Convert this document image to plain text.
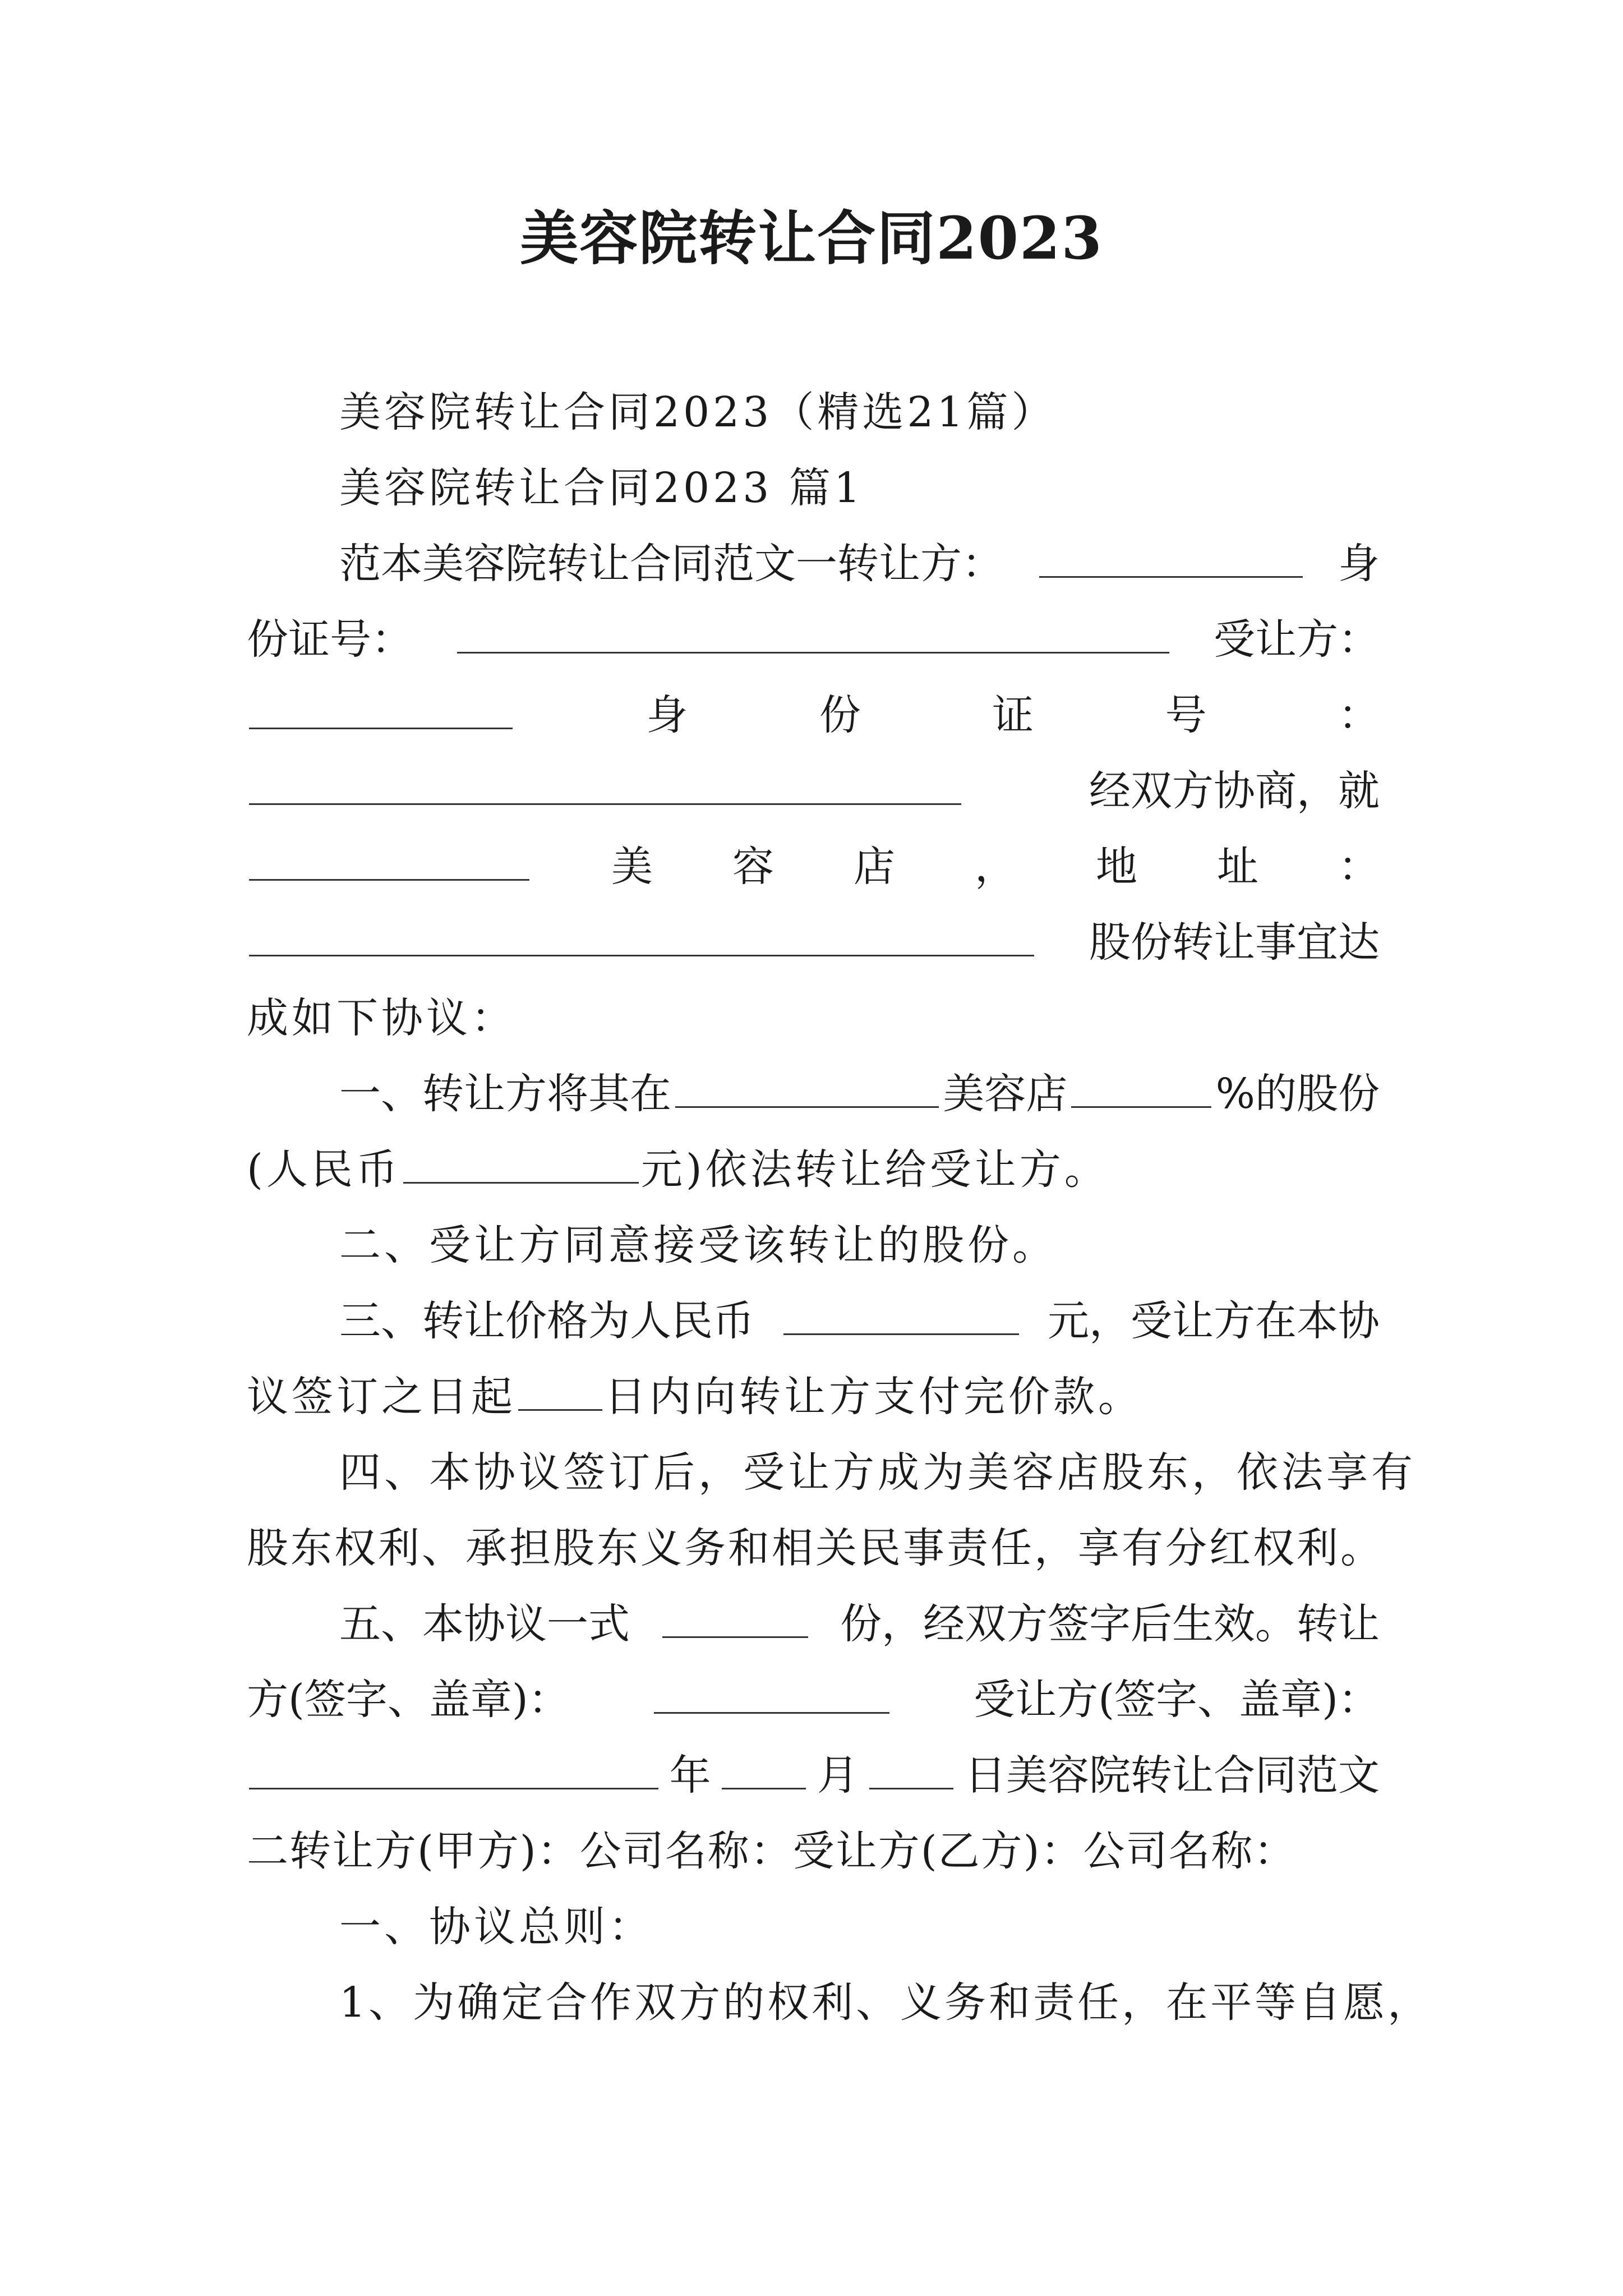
美容院转让合同2023
美容院转让合同2023（精选21篇）
美容院转让合同2023 篇1
范本美容院转让合同范文一转让方：	身
份证号：	受让方：
身	份	证	号	：
经双方协商，就
美 容 店 ， 地 址 ：
股份转让事宜达
成如下协议：
一、转让方将其在	美容店	%的股份
(人民币	元)依法转让给受让方。
二、受让方同意接受该转让的股份。
三、转让价格为人民币	元，受让方在本协
议签订之日起 日内向转让方支付完价款。
四、本协议签订后，受让方成为美容店股东，依法享有
股东权利、承担股东义务和相关民事责任，享有分红权利。
五、本协议一式	份，经双方签字后生效。转让
方(签字、盖章)：	受让方(签字、盖章)：
年	月	日美容院转让合同范文
二转让方(甲方)：公司名称：受让方(乙方)：公司名称：
一、协议总则：
1、为确定合作双方的权利、义务和责任，在平等自愿，
